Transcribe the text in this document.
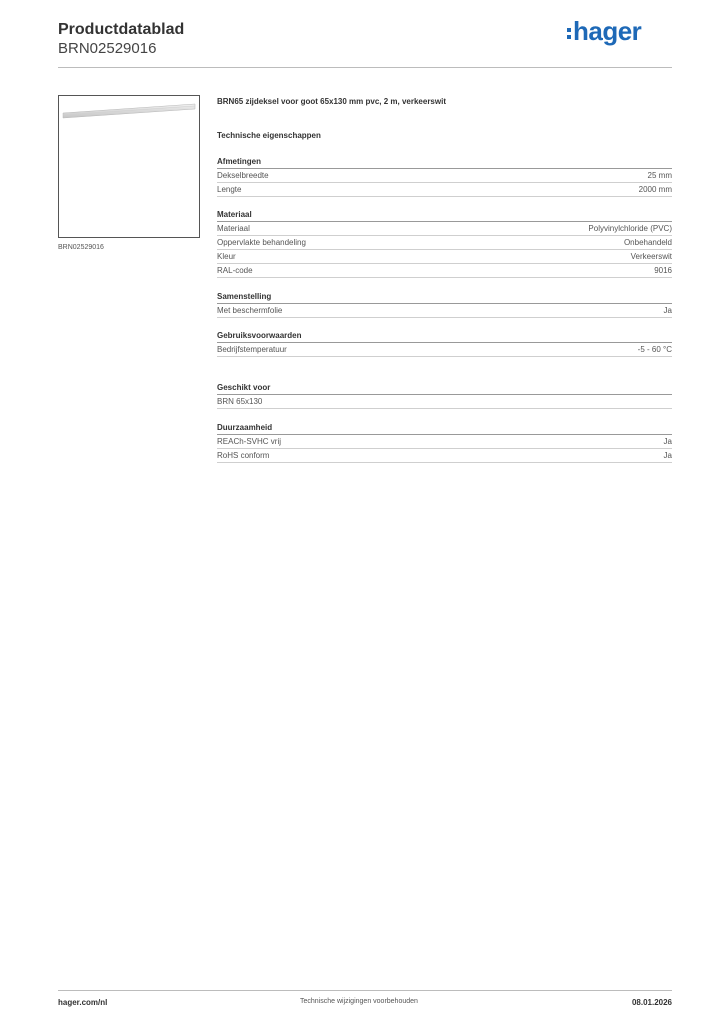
Productdatablad
BRN02529016
hager
BRN02529016
BRN65 zijdeksel voor goot 65x130 mm pvc, 2 m, verkeerswit
Technische eigenschappen
Afmetingen
Dekselbreedte	25 mm
Lengte	2000 mm
Materiaal
Materiaal	Polyvinylchloride (PVC)
Oppervlakte behandeling	Onbehandeld
Kleur	Verkeerswit
RAL-code	9016
Samenstelling
Met beschermfolie	Ja
Gebruiksvoorwaarden
Bedrijfstemperatuur	-5 - 60 °C
Geschikt voor
BRN 65x130
Duurzaamheid
REACh-SVHC vrij	Ja
RoHS conform	Ja
hager.com/nl	Technische wijzigingen voorbehouden	08.01.2026
